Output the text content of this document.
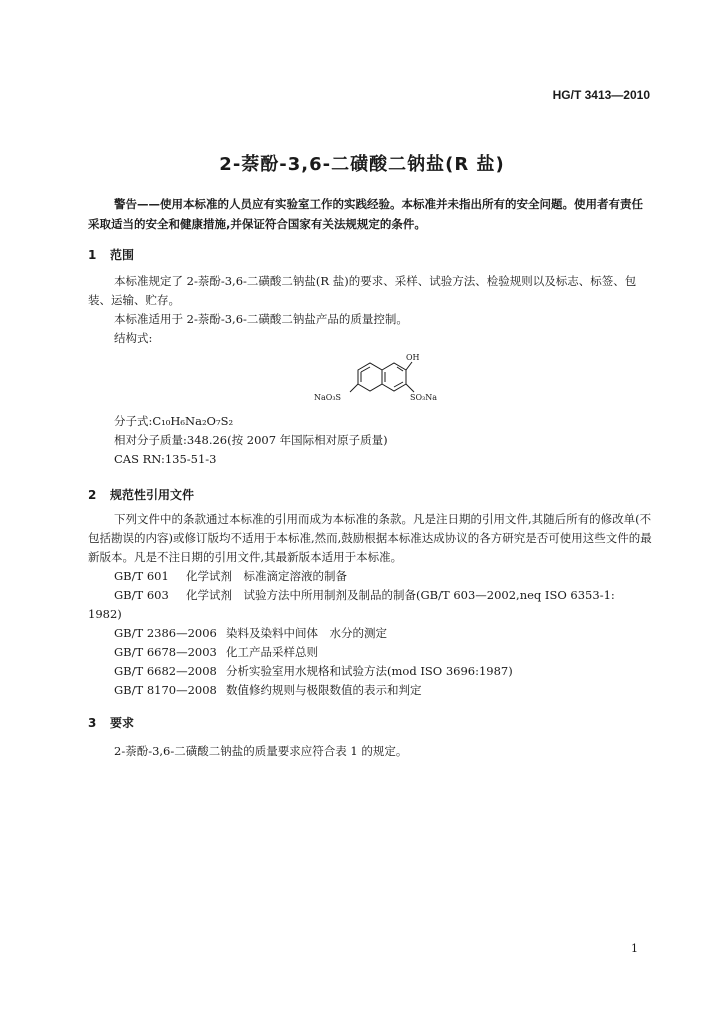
HG/T 3413—2010
2-萘酚-3,6-二磺酸二钠盐(R 盐)

警告——使用本标准的人员应有实验室工作的实践经验。本标准并未指出所有的安全问题。使用者有责任采取适当的安全和健康措施,并保证符合国家有关法规规定的条件。

1 范围

本标准规定了 2-萘酚-3,6-二磺酸二钠盐(R 盐)的要求、采样、试验方法、检验规则以及标志、标签、包装、运输、贮存。

本标准适用于 2-萘酚-3,6-二磺酸二钠盐产品的质量控制。

结构式:

OH
NaO₃S	SO₃Na
分子式:C₁₀H₆Na₂O₇S₂
相对分子质量:348.26(按 2007 年国际相对原子质量)
CAS RN:135-51-3
2 规范性引用文件

下列文件中的条款通过本标准的引用而成为本标准的条款。凡是注日期的引用文件,其随后所有的修改单(不包括勘误的内容)或修订版均不适用于本标准,然而,鼓励根据本标准达成协议的各方研究是否可使用这些文件的最新版本。凡是不注日期的引用文件,其最新版本适用于本标准。

GB/T 601 化学试剂　标准滴定溶液的制备
GB/T 603 化学试剂　试验方法中所用制剂及制品的制备(GB/T 603—2002,neq ISO 6353-1:
1982)
GB/T 2386—2006 染料及染料中间体　水分的测定
GB/T 6678—2003 化工产品采样总则
GB/T 6682—2008 分析实验室用水规格和试验方法(mod ISO 3696:1987)
GB/T 8170—2008 数值修约规则与极限数值的表示和判定
3 要求

2-萘酚-3,6-二磺酸二钠盐的质量要求应符合表 1 的规定。

1
